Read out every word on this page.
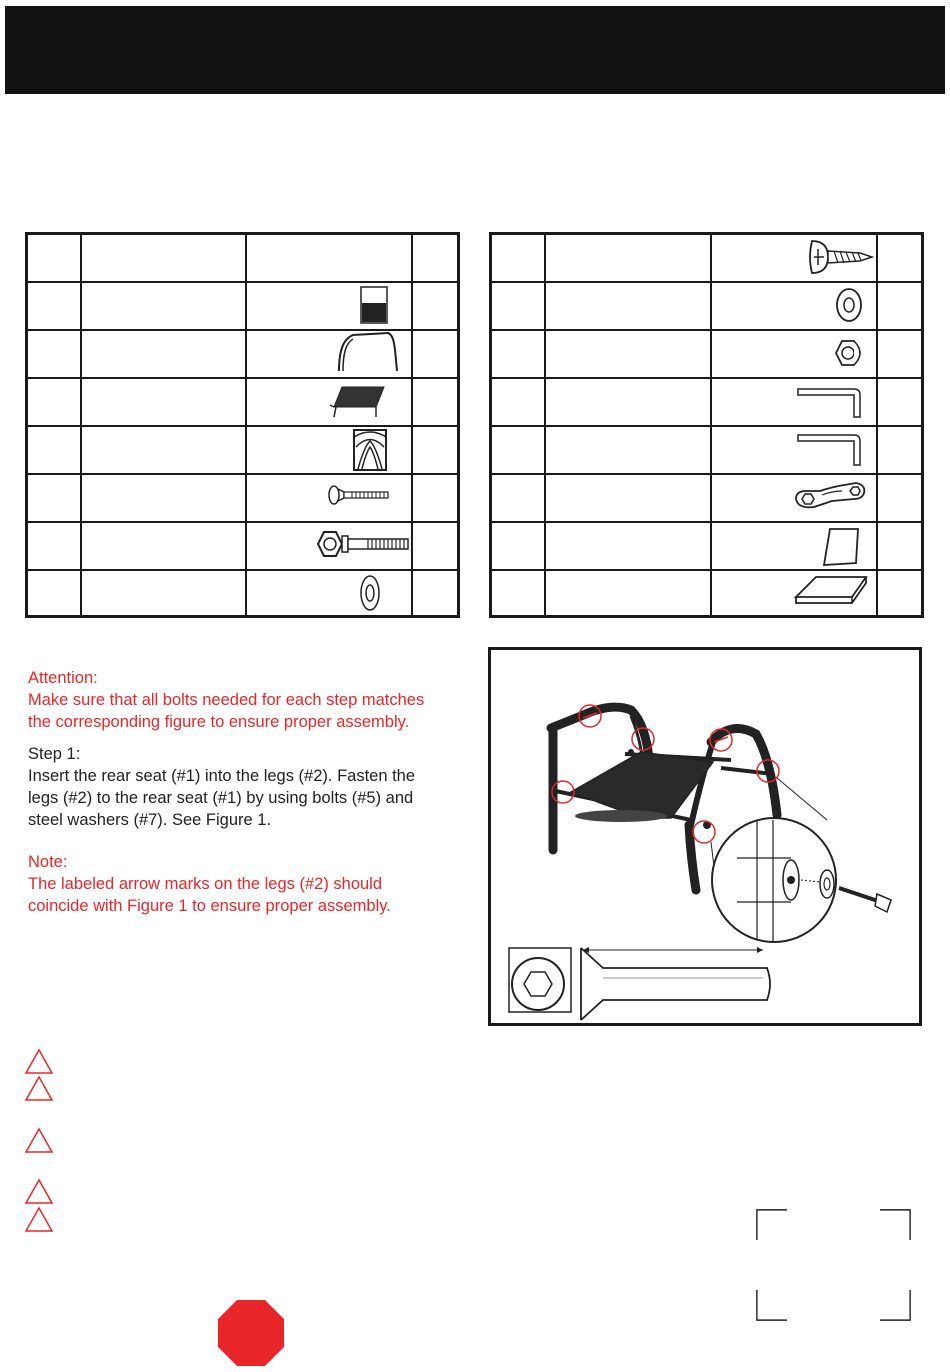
Attention:
Make sure that all bolts needed for each step matches
the corresponding figure to ensure proper assembly.
Step 1:
Insert the rear seat (#1) into the legs (#2). Fasten the
legs (#2) to the rear seat (#1) by using bolts (#5) and
steel washers (#7). See Figure 1.
Note:
The labeled arrow marks on the legs (#2) should
coincide with Figure 1 to ensure proper assembly.
